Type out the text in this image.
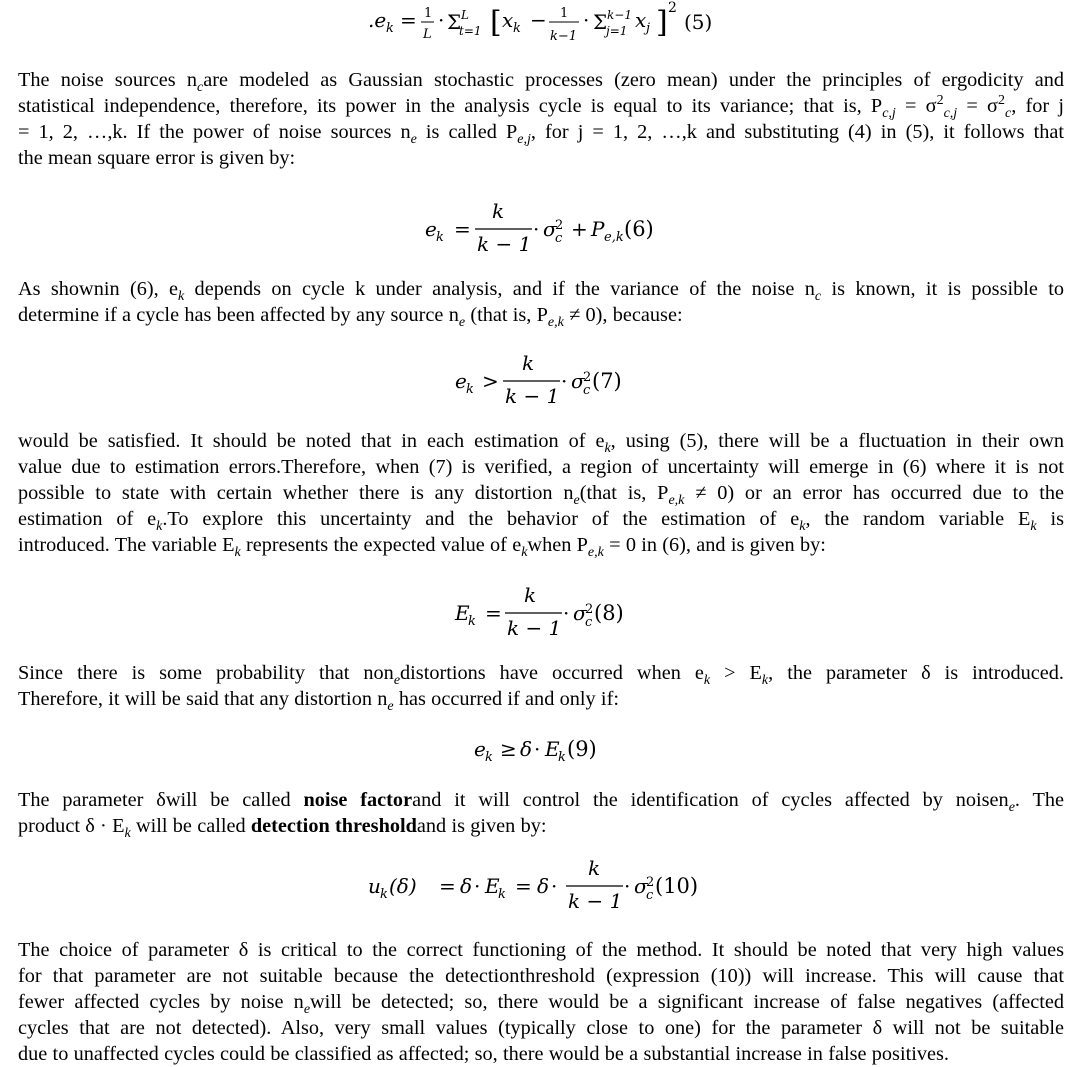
.e k = 1
L
· Σ L
t=1 [ x k − 1
k−1
· Σ k−1
j=1 x j ] 2
(5)

The noise sources $n_care$ modeled as Gaussian stochastic processes (zero mean) under the principles of ergodicity and
statistical independence, therefore, its power in the analysis cycle is equal to its variance; that is, $P_{c,j} = \sigma^2_{c,j} = \sigma^2_c$, for j
= 1, 2, …,k. If the power of noise sources $n_e$ is called $P_{e,j}$, for j = 1, 2, …,k and substituting (4) in (5), it follows that
the mean square error is given by:

e k =
k
k − 1
· σ
2
c + P e,k (6)

As shownin (6), $e_k$ depends on cycle k under analysis, and if the variance of the noise $n_c$ is known, it is possible to
determine if a cycle has been affected by any source $n_e$ (that is, $P_{e,k} \ne 0$), because:

e k >
k
k − 1
· σ
2
c (7)

would be satisfied. It should be noted that in each estimation of $e_k$, using (5), there will be a fluctuation in their own
value due to estimation errors.Therefore, when (7) is verified, a region of uncertainty will emerge in (6) where it is not
possible to state with certain whether there is any distortion $n_e(that$ is, $P_{e,k} \ne 0$) or an error has occurred due to the
estimation of $e_k.To$ explore this uncertainty and the behavior of the estimation of $e_k$, the random variable $E_k$ is
introduced. The variable $E_k$ represents the expected value of $e_kwhen$ $P_{e,k} = 0$ in (6), and is given by:

E
k =
k
k − 1
· σ
2
c (8)

Since there is some probability that non$_e$distortions have occurred when $e_k > E_k$, the parameter δ is introduced.
Therefore, it will be said that any distortion $n_e$ has occurred if and only if:

e k ≥ δ · E
k (9)

The parameter δwill be called noise factorand it will control the identification of cycles affected by noisen$_e$. The
product $\delta \cdot E_k$ will be called detection thresholdand is given by:

u k (δ) = δ · E
k = δ ·
k
k − 1
· σ
2
c (10)

The choice of parameter δ is critical to the correct functioning of the method. It should be noted that very high values
for that parameter are not suitable because the detectionthreshold (expression (10)) will increase. This will cause that
fewer affected cycles by noise $n_ewill$ be detected; so, there would be a significant increase of false negatives (affected
cycles that are not detected). Also, very small values (typically close to one) for the parameter δ will not be suitable
due to unaffected cycles could be classified as affected; so, there would be a substantial increase in false positives.
